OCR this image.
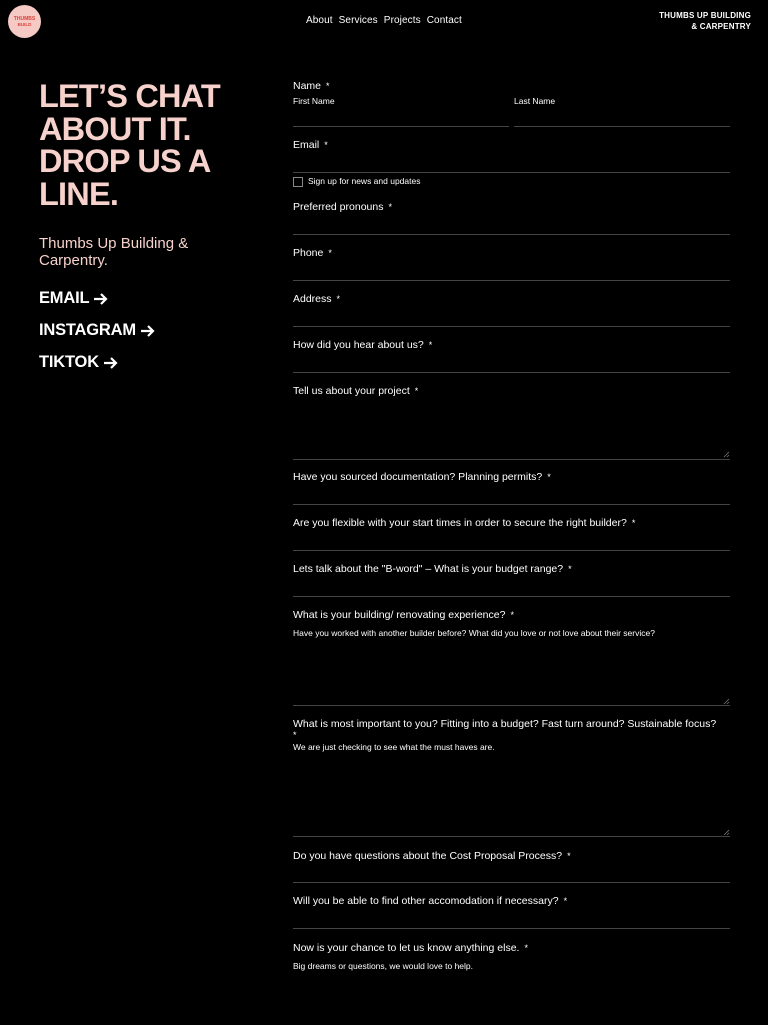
THUMBS
BUILD	About Services Projects Contact	THUMBS UP BUILDING
& CARPENTRY
LET’S CHAT
ABOUT IT.
DROP US A
LINE.

Thumbs Up Building & Carpentry.

EMAIL
INSTAGRAM
TIKTOK
Name *
First Name	Last Name
Email *
Sign up for news and updates
Preferred pronouns *
Phone *
Address *
How did you hear about us? *
Tell us about your project *
Have you sourced documentation? Planning permits? *
Are you flexible with your start times in order to secure the right builder? *
Lets talk about the "B-word" – What is your budget range? *
What is your building/ renovating experience? *
Have you worked with another builder before? What did you love or not love about their service?
What is most important to you? Fitting into a budget? Fast turn around? Sustainable focus?
*
We are just checking to see what the must haves are.
Do you have questions about the Cost Proposal Process? *
Will you be able to find other accomodation if necessary? *
Now is your chance to let us know anything else. *
Big dreams or questions, we would love to help.
